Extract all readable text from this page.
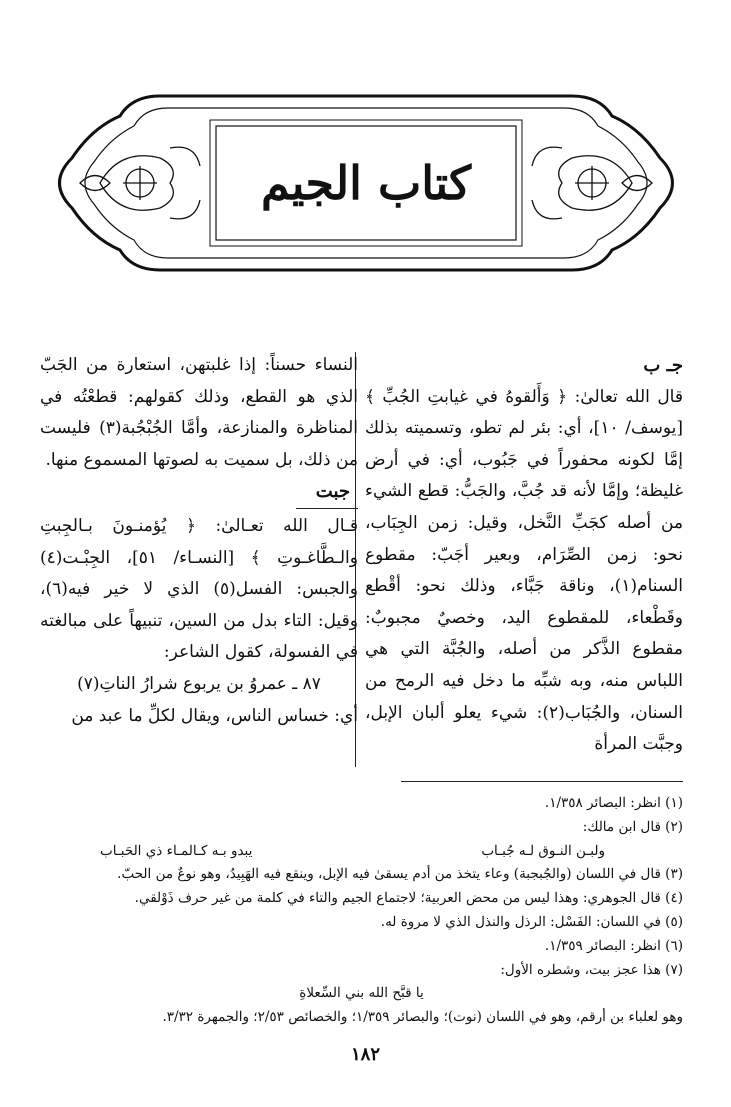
كتاب الجيم

جـ ب

قال الله تعالىٰ: ﴿ وَأَلقوهُ في غيابتِ الجُبِّ ﴾ [يوسف/ ١٠]، أي: بئر لم تطو، وتسميته بذلك إمَّا لكونه محفوراً في جَبُوب، أي: في أرض غليظة؛ وإمَّا لأنه قد جُبَّ، والجَبُّ: قطع الشيء من أصله كجَبِّ النَّخل، وقيل: زمن الجِبَاب، نحو: زمن الصِّرَام، وبعير أجَبّ: مقطوع السنام(١)، وناقة جَبَّاء، وذلك نحو: أقْطع وقَطْعاء، للمقطوع اليد، وخصيٌ مجبوبٌ: مقطوع الذَّكر من أصله، والجُبَّة التي هي اللباس منه، وبه شبِّه ما دخل فيه الرمح من السنان، والجُبَاب(٢): شيء يعلو ألبان الإبل، وجبَّت المرأة

النساء حسناً: إذا غلبتهن، استعارة من الجَبّ الذي هو القطع، وذلك كقولهم: قطعْتُه في المناظرة والمنازعة، وأمَّا الجُبْجُبة(٣) فليست من ذلك، بل سميت به لصوتها المسموع منها.

جبت

قـال الله تعـالىٰ: ﴿ يُؤمنـونَ بـالجِبتِ والـطَّاغـوتِ ﴾ [النسـاء/ ٥١]، الجِبْـت(٤) والجبس: الفسل(٥) الذي لا خير فيه(٦)، وقيل: التاء بدل من السين، تنبيهاً على مبالغته في الفسولة، كقول الشاعر:

٨٧ ـ عمروُ بن يربوع شرارُ الناتِ(٧)

أي: خساس الناس، ويقال لكلِّ ما عبد من

(١) انظر: البصائر ١/٣٥٨.

(٢) قال ابن مالك:

ولبـن النـوق لـه جُبـاب
يبدو بـه كـالمـاء ذي الحَبـاب

(٣) قال في اللسان (والجُبجبة) وعاء يتخذ من أدم يسقىٰ فيه الإبل، وينقع فيه الهَبِيدُ، وهو نوعٌ من الحبّ.

(٤) قال الجوهري: وهذا ليس من محض العربية؛ لاجتماع الجيم والتاء في كلمة من غير حرف ذَوْلقي.

(٥) في اللسان: الفَسْل: الرذل والنذل الذي لا مروة له.

(٦) انظر: البصائر ١/٣٥٩.

(٧) هذا عجز بيت، وشطره الأول:

يا قبَّح الله بني السِّعلاةِ

وهو لعلباء بن أرقم، وهو في اللسان (نوت)؛ والبصائر ١/٣٥٩؛ والخصائص ٢/٥٣؛ والجمهرة ٣/٣٢.

١٨٢
